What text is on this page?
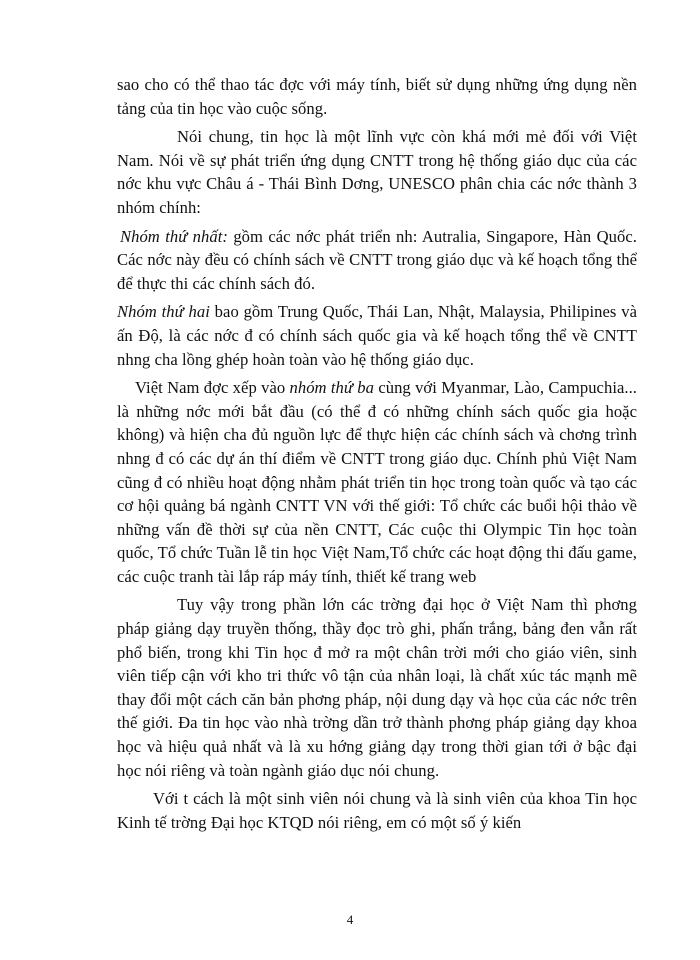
sao cho có thể thao tác đợc với máy tính, biết sử dụng những ứng dụng nền tảng của tin học vào cuộc sống.

Nói chung, tin học là một lĩnh vực còn khá mới mẻ đối với Việt Nam. Nói về sự phát triển ứng dụng CNTT trong hệ thống giáo dục của các nớc khu vực Châu á - Thái Bình Dơng, UNESCO phân chia các nớc thành 3 nhóm chính:

Nhóm thứ nhất: gồm các nớc phát triển nh: Autralia, Singapore, Hàn Quốc. Các nớc này đều có chính sách về CNTT trong giáo dục và kế hoạch tổng thể để thực thi các chính sách đó.

Nhóm thứ hai bao gồm Trung Quốc, Thái Lan, Nhật, Malaysia, Philipines và ấn Độ, là các nớc đ có chính sách quốc gia và kế hoạch tổng thể về CNTT nhng cha lồng ghép hoàn toàn vào hệ thống giáo dục.

Việt Nam đợc xếp vào nhóm thứ ba cùng với Myanmar, Lào, Campuchia... là những nớc mới bắt đầu (có thể đ có những chính sách quốc gia hoặc không) và hiện cha đủ nguồn lực để thực hiện các chính sách và chơng trình nhng đ có các dự án thí điểm về CNTT trong giáo dục. Chính phủ Việt Nam cũng đ có nhiều hoạt động nhằm phát triển tin học trong toàn quốc và tạo các cơ hội quảng bá ngành CNTT VN với thế giới: Tổ chức các buổi hội thảo về những vấn đề thời sự của nền CNTT, Các cuộc thi Olympic Tin học toàn quốc, Tổ chức Tuần lễ tin học Việt Nam,Tổ chức các hoạt động thi đấu game, các cuộc tranh tài lắp ráp máy tính, thiết kế trang web

Tuy vậy trong phần lớn các trờng đại học ở Việt Nam thì phơng pháp giảng dạy truyền thống, thầy đọc trò ghi, phấn trắng, bảng đen vẫn rất phổ biến, trong khi Tin học đ mở ra một chân trời mới cho giáo viên, sinh viên tiếp cận với kho tri thức vô tận của nhân loại, là chất xúc tác mạnh mẽ thay đổi một cách căn bản phơng pháp, nội dung dạy và học của các nớc trên thế giới. Đa tin học vào nhà trờng dần trở thành phơng pháp giảng dạy khoa học và hiệu quả nhất và là xu hớng giảng dạy trong thời gian tới ở bậc đại học nói riêng và toàn ngành giáo dục nói chung.

Với t cách là một sinh viên nói chung và là sinh viên của khoa Tin học Kinh tế trờng Đại học KTQD nói riêng, em có một số ý kiến

4
